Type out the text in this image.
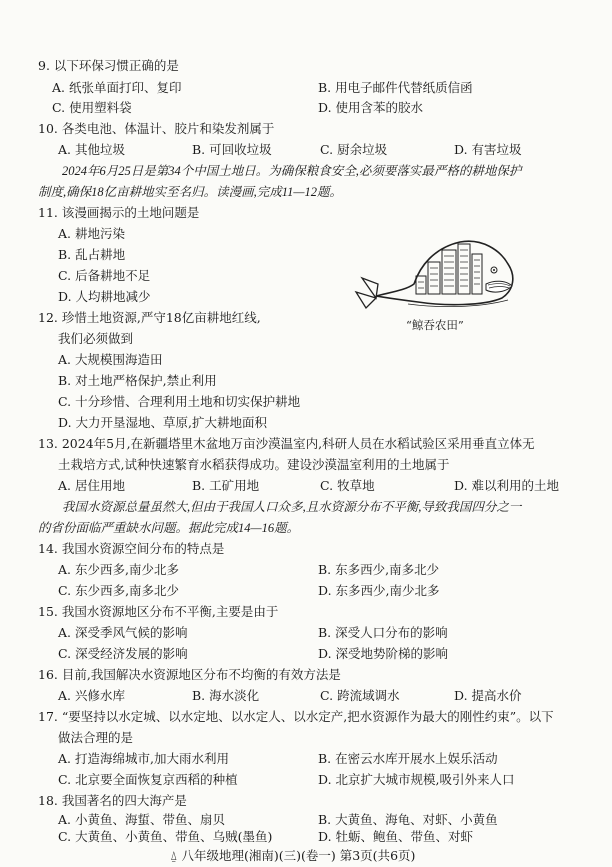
9. 以下环保习惯正确的是
A. 纸张单面打印、复印	B. 用电子邮件代替纸质信函
C. 使用塑料袋	D. 使用含苯的胶水
10. 各类电池、体温计、胶片和染发剂属于
A. 其他垃圾	B. 可回收垃圾	C. 厨余垃圾	D. 有害垃圾
2024年6月25日是第34个中国土地日。为确保粮食安全,必须要落实最严格的耕地保护
制度,确保18亿亩耕地实至名归。读漫画,完成11—12题。
11. 该漫画揭示的土地问题是
A. 耕地污染
B. 乱占耕地
C. 后备耕地不足
D. 人均耕地减少
12. 珍惜土地资源,严守18亿亩耕地红线,
我们必须做到
A. 大规模围海造田
B. 对土地严格保护,禁止利用
C. 十分珍惜、合理利用土地和切实保护耕地
D. 大力开垦湿地、草原,扩大耕地面积
“鲸吞农田”
13. 2024年5月,在新疆塔里木盆地万亩沙漠温室内,科研人员在水稻试验区采用垂直立体无
土栽培方式,试种快速繁育水稻获得成功。建设沙漠温室利用的土地属于
A. 居住用地	B. 工矿用地	C. 牧草地	D. 难以利用的土地
我国水资源总量虽然大,但由于我国人口众多,且水资源分布不平衡,导致我国四分之一
的省份面临严重缺水问题。据此完成14—16题。
14. 我国水资源空间分布的特点是
A. 东少西多,南少北多	B. 东多西少,南多北少
C. 东少西多,南多北少	D. 东多西少,南少北多
15. 我国水资源地区分布不平衡,主要是由于
A. 深受季风气候的影响	B. 深受人口分布的影响
C. 深受经济发展的影响	D. 深受地势阶梯的影响
16. 目前,我国解决水资源地区分布不均衡的有效方法是
A. 兴修水库	B. 海水淡化	C. 跨流域调水	D. 提高水价
17. “要坚持以水定城、以水定地、以水定人、以水定产,把水资源作为最大的刚性约束”。以下
做法合理的是
A. 打造海绵城市,加大雨水利用	B. 在密云水库开展水上娱乐活动
C. 北京要全面恢复京西稻的种植	D. 北京扩大城市规模,吸引外来人口
18. 我国著名的四大海产是
A. 小黄鱼、海蜇、带鱼、扇贝	B. 大黄鱼、海龟、对虾、小黄鱼
C. 大黄鱼、小黄鱼、带鱼、乌贼(墨鱼)	D. 牡蛎、鲍鱼、带鱼、对虾
⍙ 八年级地理(湘南)(三)(卷一) 第3页(共6页)
